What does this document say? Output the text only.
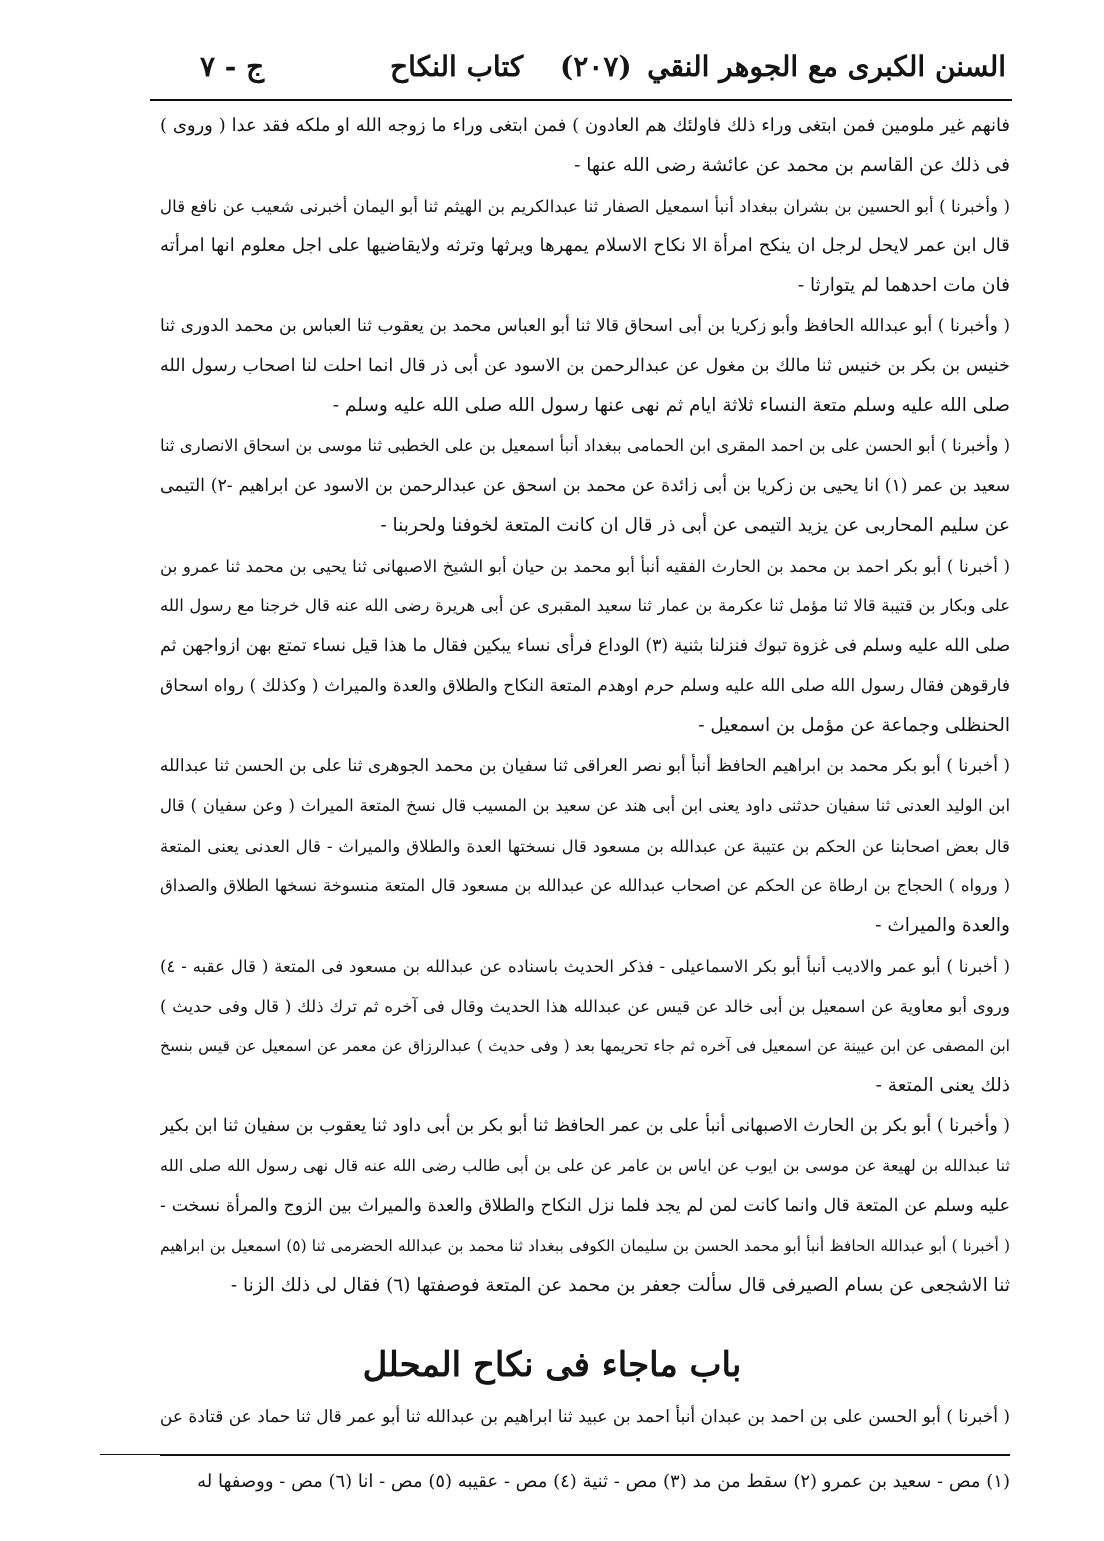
السنن الكبرى مع الجوهر النقي
(٢٠٧)
كتاب النكاح
ج - ٧
فانهم غير ملومين فمن ابتغى وراء ذلك فاولئك هم العادون ) فمن ابتغى وراء ما زوجه الله او ملكه فقد عدا ( وروى )
فى ذلك عن القاسم بن محمد عن عائشة رضى الله عنها -
( وأخبرنا ) أبو الحسين بن بشران ببغداد أنبأ اسمعيل الصفار ثنا عبدالكريم بن الهيثم ثنا أبو اليمان أخبرنى شعيب عن نافع قال
قال ابن عمر لايحل لرجل ان ينكح امرأة الا نكاح الاسلام يمهرها ويرثها وترثه ولايقاضيها على اجل معلوم انها امرأته
فان مات احدهما لم يتوارثا -
( وأخبرنا ) أبو عبدالله الحافظ وأبو زكريا بن أبى اسحاق قالا ثنا أبو العباس محمد بن يعقوب ثنا العباس بن محمد الدورى ثنا
خنيس بن بكر بن خنيس ثنا مالك بن مغول عن عبدالرحمن بن الاسود عن أبى ذر قال انما احلت لنا اصحاب رسول الله
صلى الله عليه وسلم متعة النساء ثلاثة ايام ثم نهى عنها رسول الله صلى الله عليه وسلم -
( وأخبرنا ) أبو الحسن على بن احمد المقرى ابن الحمامى ببغداد أنبأ اسمعيل بن على الخطبى ثنا موسى بن اسحاق الانصارى ثنا
سعيد بن عمر (١) انا يحيى بن زكريا بن أبى زائدة عن محمد بن اسحق عن عبدالرحمن بن الاسود عن ابراهيم -٢) التيمى
عن سليم المحاربى عن يزيد التيمى عن أبى ذر قال ان كانت المتعة لخوفنا ولحربنا -
( أخبرنا ) أبو بكر احمد بن محمد بن الحارث الفقيه أنبأ أبو محمد بن حيان أبو الشيخ الاصبهانى ثنا يحيى بن محمد ثنا عمرو بن
على وبكار بن قتيبة قالا ثنا مؤمل ثنا عكرمة بن عمار ثنا سعيد المقبرى عن أبى هريرة رضى الله عنه قال خرجنا مع رسول الله
صلى الله عليه وسلم فى غزوة تبوك فنزلنا بثنية (٣) الوداع فرأى نساء يبكين فقال ما هذا قيل نساء تمتع بهن ازواجهن ثم
فارقوهن فقال رسول الله صلى الله عليه وسلم حرم اوهدم المتعة النكاح والطلاق والعدة والميراث ( وكذلك ) رواه اسحاق
الحنظلى وجماعة عن مؤمل بن اسمعيل -
( أخبرنا ) أبو بكر محمد بن ابراهيم الحافظ أنبأ أبو نصر العراقى ثنا سفيان بن محمد الجوهرى ثنا على بن الحسن ثنا عبدالله
ابن الوليد العدنى ثنا سفيان حدثنى داود يعنى ابن أبى هند عن سعيد بن المسيب قال نسخ المتعة الميراث ( وعن سفيان ) قال
قال بعض اصحابنا عن الحكم بن عتيبة عن عبدالله بن مسعود قال نسختها العدة والطلاق والميراث - قال العدنى يعنى المتعة
( ورواه ) الحجاج بن ارطاة عن الحكم عن اصحاب عبدالله عن عبدالله بن مسعود قال المتعة منسوخة نسخها الطلاق والصداق
والعدة والميراث -
( أخبرنا ) أبو عمر والاديب أنبأ أبو بكر الاسماعيلى - فذكر الحديث باسناده عن عبدالله بن مسعود فى المتعة ( قال عقبه - ٤)
وروى أبو معاوية عن اسمعيل بن أبى خالد عن قيس عن عبدالله هذا الحديث وقال فى آخره ثم ترك ذلك ( قال وفى حديث )
ابن المصفى عن ابن عيينة عن اسمعيل فى آخره ثم جاء تحريمها بعد ( وفى حديث ) عبدالرزاق عن معمر عن اسمعيل عن قيس بنسخ
ذلك يعنى المتعة -
( وأخبرنا ) أبو بكر بن الحارث الاصبهانى أنبأ على بن عمر الحافظ ثنا أبو بكر بن أبى داود ثنا يعقوب بن سفيان ثنا ابن بكير
ثنا عبدالله بن لهيعة عن موسى بن ايوب عن اياس بن عامر عن على بن أبى طالب رضى الله عنه قال نهى رسول الله صلى الله
عليه وسلم عن المتعة قال وانما كانت لمن لم يجد فلما نزل النكاح والطلاق والعدة والميراث بين الزوج والمرأة نسخت -
( أخبرنا ) أبو عبدالله الحافظ أنبأ أبو محمد الحسن بن سليمان الكوفى ببغداد ثنا محمد بن عبدالله الحضرمى ثنا (٥) اسمعيل بن ابراهيم
ثنا الاشجعى عن بسام الصيرفى قال سألت جعفر بن محمد عن المتعة فوصفتها (٦) فقال لى ذلك الزنا -
باب ماجاء فى نكاح المحلل
( أخبرنا ) أبو الحسن على بن احمد بن عبدان أنبأ احمد بن عبيد ثنا ابراهيم بن عبدالله ثنا أبو عمر قال ثنا حماد عن قتادة عن
(١) مص - سعيد بن عمرو (٢) سقط من مد (٣) مص - ثنية (٤) مص - عقيبه (٥) مص - انا (٦) مص - ووصفها له
